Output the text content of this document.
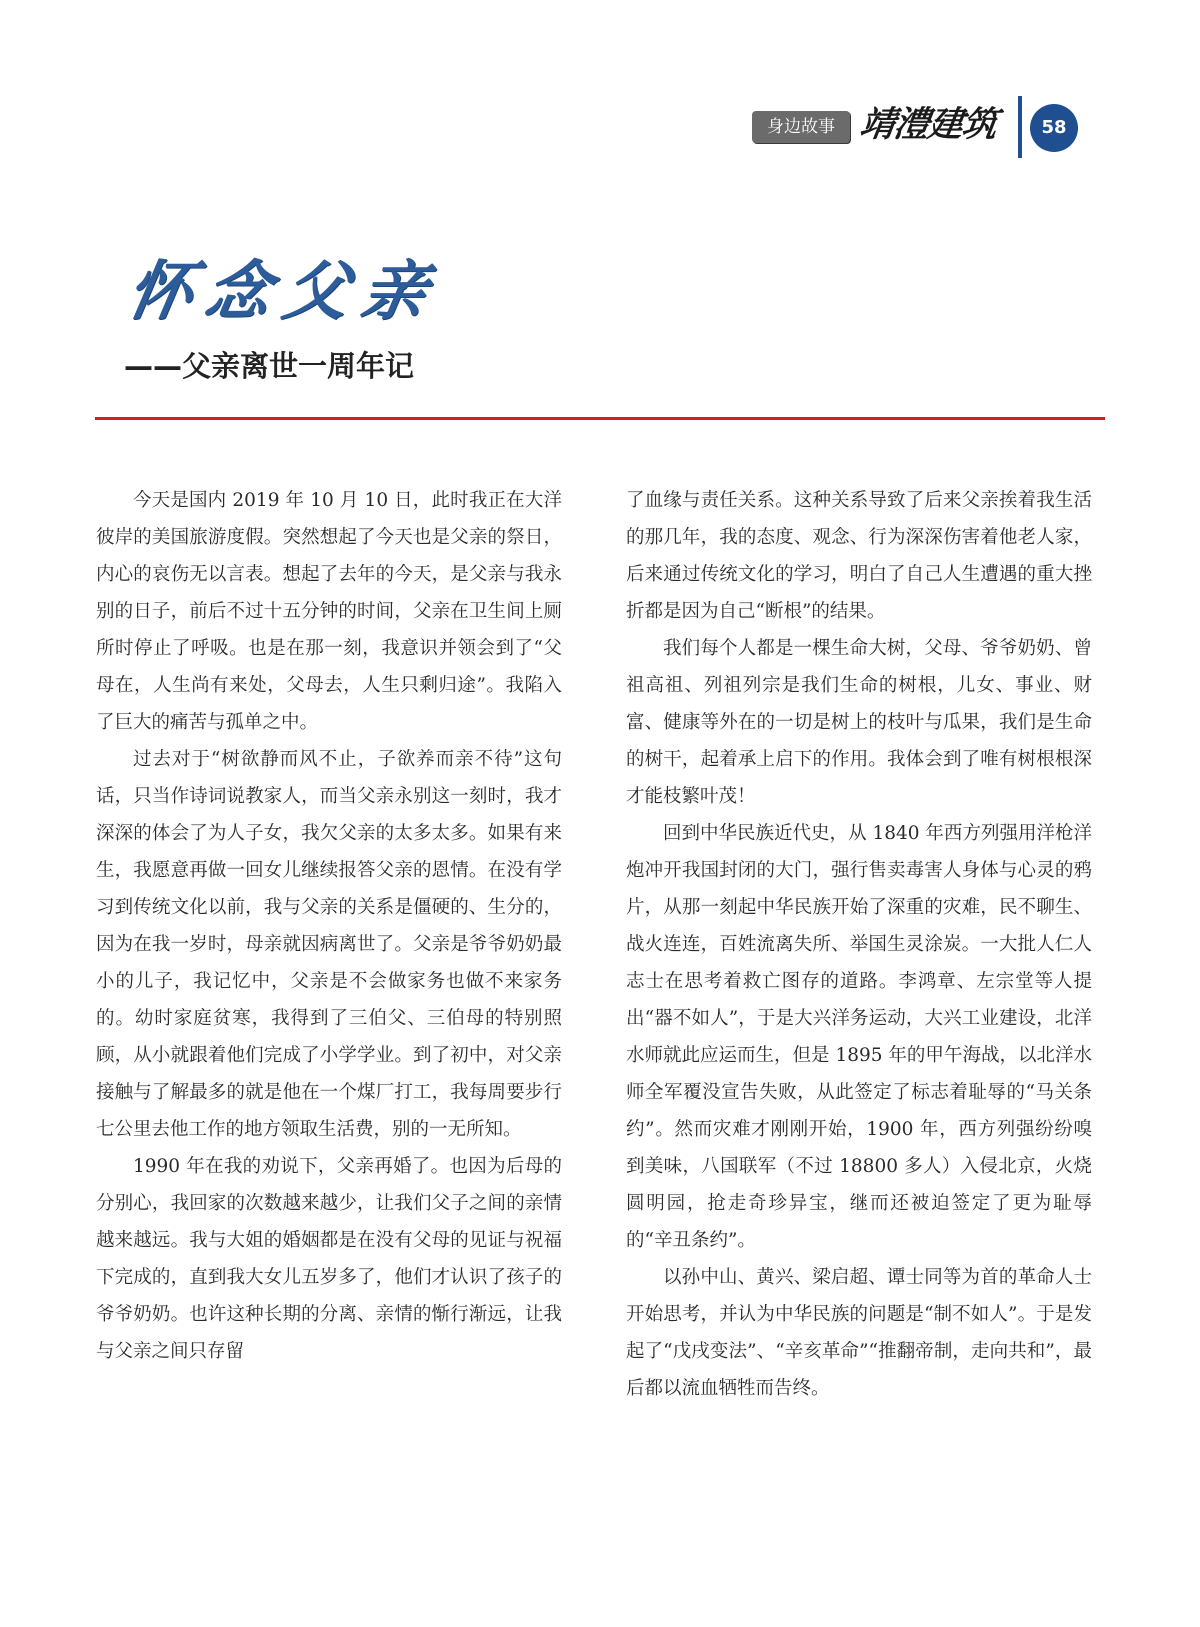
身边故事 靖澧建筑	58
怀念父亲
——父亲离世一周年记

今天是国内 2019 年 10 月 10 日，此时我正在大洋彼岸的美国旅游度假。突然想起了今天也是父亲的祭日，内心的哀伤无以言表。想起了去年的今天，是父亲与我永别的日子，前后不过十五分钟的时间，父亲在卫生间上厕所时停止了呼吸。也是在那一刻，我意识并领会到了“父母在，人生尚有来处，父母去，人生只剩归途”。我陷入了巨大的痛苦与孤单之中。

过去对于“树欲静而风不止，子欲养而亲不待”这句话，只当作诗词说教家人，而当父亲永别这一刻时，我才深深的体会了为人子女，我欠父亲的太多太多。如果有来生，我愿意再做一回女儿继续报答父亲的恩情。在没有学习到传统文化以前，我与父亲的关系是僵硬的、生分的，因为在我一岁时，母亲就因病离世了。父亲是爷爷奶奶最小的儿子，我记忆中，父亲是不会做家务也做不来家务的。幼时家庭贫寒，我得到了三伯父、三伯母的特别照顾，从小就跟着他们完成了小学学业。到了初中，对父亲接触与了解最多的就是他在一个煤厂打工，我每周要步行七公里去他工作的地方领取生活费，别的一无所知。

1990 年在我的劝说下，父亲再婚了。也因为后母的分别心，我回家的次数越来越少，让我们父子之间的亲情越来越远。我与大姐的婚姻都是在没有父母的见证与祝福下完成的，直到我大女儿五岁多了，他们才认识了孩子的爷爷奶奶。也许这种长期的分离、亲情的惭行渐远，让我与父亲之间只存留

了血缘与责任关系。这种关系导致了后来父亲挨着我生活的那几年，我的态度、观念、行为深深伤害着他老人家，后来通过传统文化的学习，明白了自己人生遭遇的重大挫折都是因为自己“断根”的结果。

我们每个人都是一棵生命大树，父母、爷爷奶奶、曾祖高祖、列祖列宗是我们生命的树根，儿女、事业、财富、健康等外在的一切是树上的枝叶与瓜果，我们是生命的树干，起着承上启下的作用。我体会到了唯有树根根深才能枝繁叶茂！

回到中华民族近代史，从 1840 年西方列强用洋枪洋炮冲开我国封闭的大门，强行售卖毒害人身体与心灵的鸦片，从那一刻起中华民族开始了深重的灾难，民不聊生、战火连连，百姓流离失所、举国生灵涂炭。一大批人仁人志士在思考着救亡图存的道路。李鸿章、左宗堂等人提出“器不如人”，于是大兴洋务运动，大兴工业建设，北洋水师就此应运而生，但是 1895 年的甲午海战，以北洋水师全军覆没宣告失败，从此签定了标志着耻辱的“马关条约”。然而灾难才刚刚开始，1900 年，西方列强纷纷嗅到美味，八国联军（不过 18800 多人）入侵北京，火烧圆明园，抢走奇珍异宝，继而还被迫签定了更为耻辱的“辛丑条约”。

以孙中山、黄兴、梁启超、谭士同等为首的革命人士开始思考，并认为中华民族的问题是“制不如人”。于是发起了“戊戌变法”、“辛亥革命”“推翻帝制，走向共和”，最后都以流血牺牲而告终。
